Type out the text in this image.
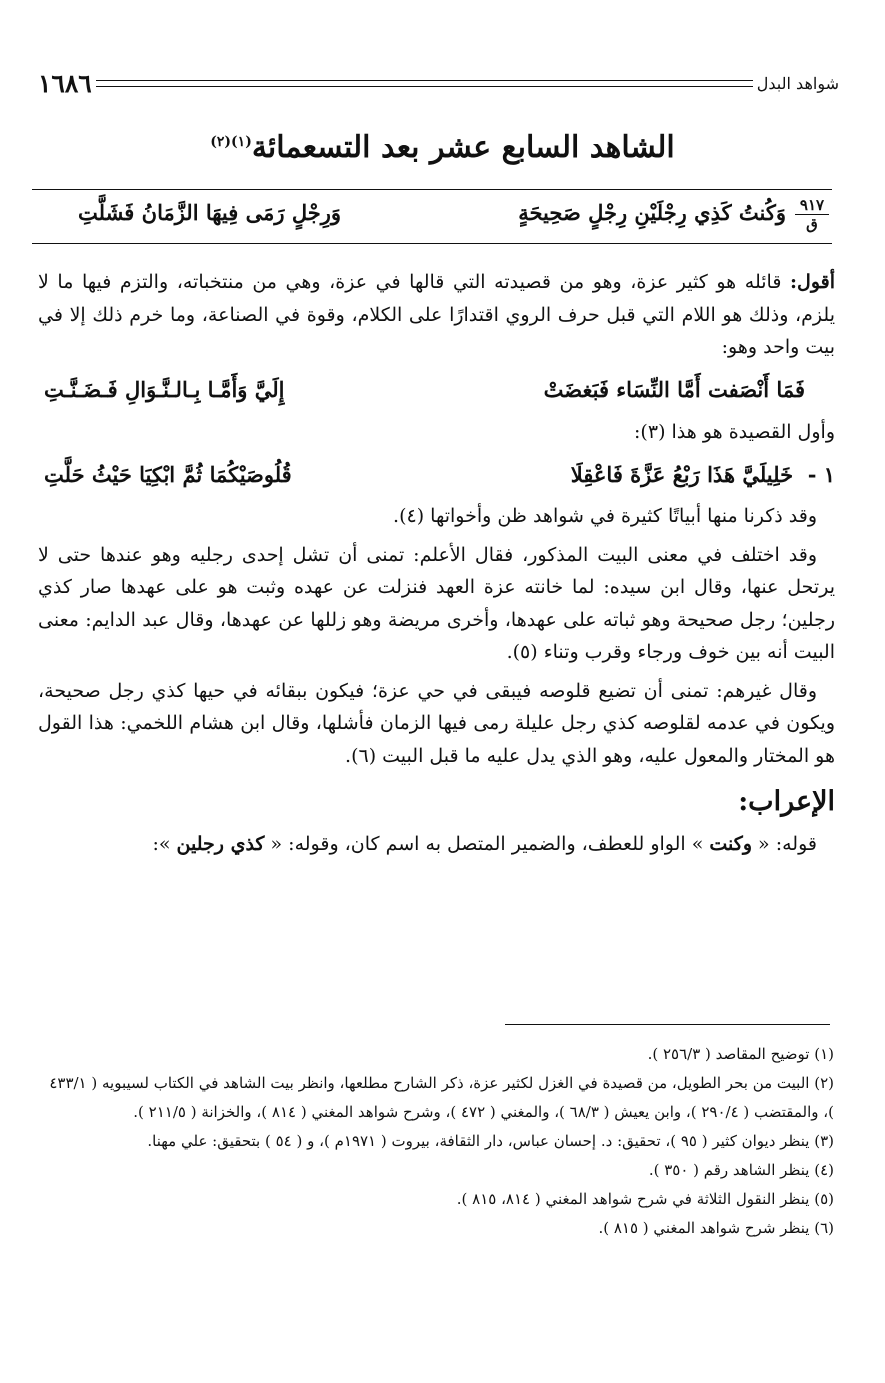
شواهد البدل
١٦٨٦
الشاهد السابع عشر بعد التسعمائة$^{(١)(٢)}$
٩١٧
ق
وَكُنتُ كَذِي رِجْلَيْنِ رِجْلٍ صَحِيحَةٍ
وَرِجْلٍ رَمَى فِيهَا الزَّمَانُ فَشَلَّتِ

أقول: قائله هو كثير عزة، وهو من قصيدته التي قالها في عزة، وهي من منتخباته، والتزم فيها ما لا يلزم، وذلك هو اللام التي قبل حرف الروي اقتدارًا على الكلام، وقوة في الصناعة، وما خرم ذلك إلا في بيت واحد وهو:

فَمَا أَنْصَفت أَمَّا النِّسَاء فَبَغضَتْ
إِلَيَّ وَأَمَّـا بِـالـنَّـوَالِ فَـضَـنَّـتِ

وأول القصيدة هو هذا (٣):

١ -  خَلِيلَيَّ هَذَا رَبْعُ عَزَّةَ فَاعْقِلَا
قُلُوصَيْكُمَا ثُمَّ ابْكِيَا حَيْثُ حَلَّتِ

وقد ذكرنا منها أبياتًا كثيرة في شواهد ظن وأخواتها (٤).

وقد اختلف في معنى البيت المذكور، فقال الأعلم: تمنى أن تشل إحدى رجليه وهو عندها حتى لا يرتحل عنها، وقال ابن سيده: لما خانته عزة العهد فنزلت عن عهده وثبت هو على عهدها صار كذي رجلين؛ رجل صحيحة وهو ثباته على عهدها، وأخرى مريضة وهو زللها عن عهدها، وقال عبد الدايم: معنى البيت أنه بين خوف ورجاء وقرب وتناء (٥).

وقال غيرهم: تمنى أن تضيع قلوصه فيبقى في حي عزة؛ فيكون ببقائه في حيها كذي رجل صحيحة، ويكون في عدمه لقلوصه كذي رجل عليلة رمى فيها الزمان فأشلها، وقال ابن هشام اللخمي: هذا القول هو المختار والمعول عليه، وهو الذي يدل عليه ما قبل البيت (٦).

الإعراب:

قوله: « وكنت » الواو للعطف، والضمير المتصل به اسم كان، وقوله: « كذي رجلين »:

(١) توضيح المقاصد ( ٢٥٦/٣ ).

(٢) البيت من بحر الطويل، من قصيدة في الغزل لكثير عزة، ذكر الشارح مطلعها، وانظر بيت الشاهد في الكتاب لسيبويه ( ٤٣٣/١ )، والمقتضب ( ٢٩٠/٤ )، وابن يعيش ( ٦٨/٣ )، والمغني ( ٤٧٢ )، وشرح شواهد المغني ( ٨١٤ )، والخزانة ( ٢١١/٥ ).

(٣) ينظر ديوان كثير ( ٩٥ )، تحقيق: د. إحسان عباس، دار الثقافة، بيروت ( ١٩٧١م )، و ( ٥٤ ) بتحقيق: علي مهنا.

(٤) ينظر الشاهد رقم ( ٣٥٠ ).

(٥) ينظر النقول الثلاثة في شرح شواهد المغني ( ٨١٤، ٨١٥ ).

(٦) ينظر شرح شواهد المغني ( ٨١٥ ).
